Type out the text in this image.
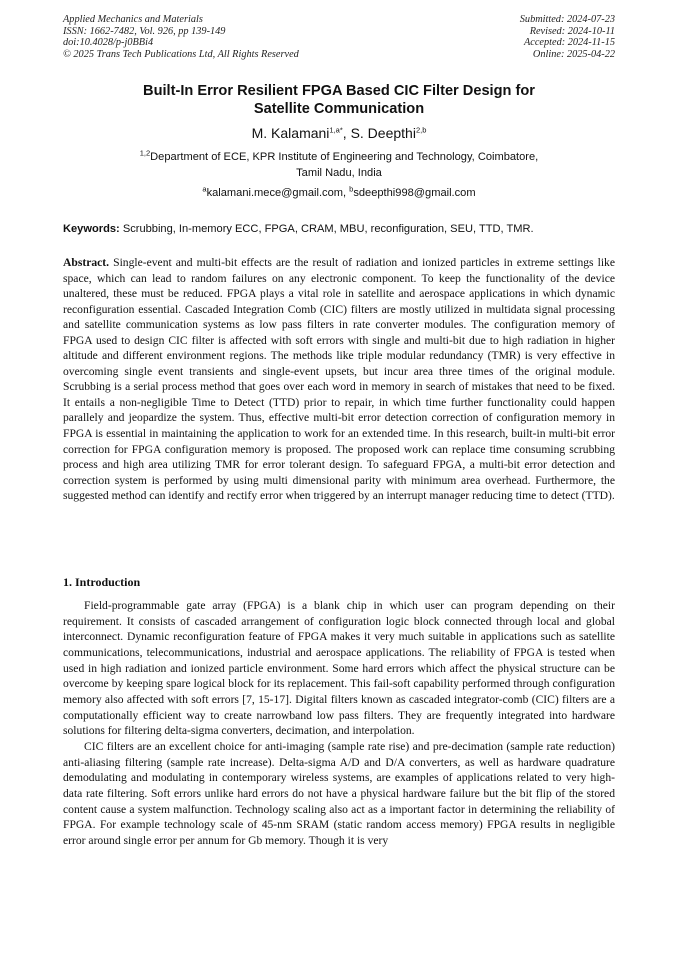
Applied Mechanics and Materials
ISSN: 1662-7482, Vol. 926, pp 139-149
doi:10.4028/p-j0BBi4
© 2025 Trans Tech Publications Ltd, All Rights Reserved
Submitted: 2024-07-23
Revised: 2024-10-11
Accepted: 2024-11-15
Online: 2025-04-22
Built-In Error Resilient FPGA Based CIC Filter Design for
Satellite Communication
M. Kalamani$^{1,a*}$, S. Deepthi$^{2,b}$
$^{1,2}$Department of ECE, KPR Institute of Engineering and Technology, Coimbatore,
Tamil Nadu, India
$^a$kalamani.mece@gmail.com, $^b$sdeepthi998@gmail.com
Keywords: Scrubbing, In-memory ECC, FPGA, CRAM, MBU, reconfiguration, SEU, TTD, TMR.
Abstract. Single-event and multi-bit effects are the result of radiation and ionized particles in extreme settings like space, which can lead to random failures on any electronic component. To keep the functionality of the device unaltered, these must be reduced. FPGA plays a vital role in satellite and aerospace applications in which dynamic reconfiguration essential. Cascaded Integration Comb (CIC) filters are mostly utilized in multidata signal processing and satellite communication systems as low pass filters in rate converter modules. The configuration memory of FPGA used to design CIC filter is affected with soft errors with single and multi-bit due to high radiation in higher altitude and different environment regions. The methods like triple modular redundancy (TMR) is very effective in overcoming single event transients and single-event upsets, but incur area three times of the original module. Scrubbing is a serial process method that goes over each word in memory in search of mistakes that need to be fixed. It entails a non-negligible Time to Detect (TTD) prior to repair, in which time further functionality could happen parallely and jeopardize the system. Thus, effective multi-bit error detection correction of configuration memory in FPGA is essential in maintaining the application to work for an extended time. In this research, built-in multi-bit error correction for FPGA configuration memory is proposed. The proposed work can replace time consuming scrubbing process and high area utilizing TMR for error tolerant design. To safeguard FPGA, a multi-bit error detection and correction system is performed by using multi dimensional parity with minimum area overhead. Furthermore, the suggested method can identify and rectify error when triggered by an interrupt manager reducing time to detect (TTD).
1. Introduction

Field-programmable gate array (FPGA) is a blank chip in which user can program depending on their requirement. It consists of cascaded arrangement of configuration logic block connected through local and global interconnect. Dynamic reconfiguration feature of FPGA makes it very much suitable in applications such as satellite communications, telecommunications, industrial and aerospace applications. The reliability of FPGA is tested when used in high radiation and ionized particle environment. Some hard errors which affect the physical structure can be overcome by keeping spare logical block for its replacement. This fail-soft capability performed through configuration memory also affected with soft errors [7, 15-17]. Digital filters known as cascaded integrator-comb (CIC) filters are a computationally efficient way to create narrowband low pass filters. They are frequently integrated into hardware solutions for filtering delta-sigma converters, decimation, and interpolation.

CIC filters are an excellent choice for anti-imaging (sample rate rise) and pre-decimation (sample rate reduction) anti-aliasing filtering (sample rate increase). Delta-sigma A/D and D/A converters, as well as hardware quadrature demodulating and modulating in contemporary wireless systems, are examples of applications related to very high-data rate filtering. Soft errors unlike hard errors do not have a physical hardware failure but the bit flip of the stored content cause a system malfunction. Technology scaling also act as a important factor in determining the reliability of FPGA. For example technology scale of 45-nm SRAM (static random access memory) FPGA results in negligible error around single error per annum for Gb memory. Though it is very
